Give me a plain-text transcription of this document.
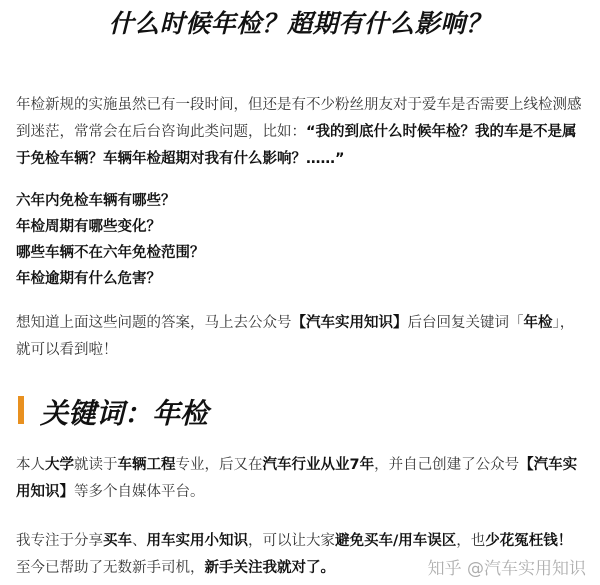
什么时候年检？超期有什么影响？

年检新规的实施虽然已有一段时间，但还是有不少粉丝朋友对于爱车是否需要上线检测感到迷茫，常常会在后台咨询此类问题，比如：“我的到底什么时候年检？我的车是不是属于免检车辆？车辆年检超期对我有什么影响？……”

六年内免检车辆有哪些？
年检周期有哪些变化？
哪些车辆不在六年免检范围？
年检逾期有什么危害？

想知道上面这些问题的答案，马上去公众号【汽车实用知识】后台回复关键词「年检」，就可以看到啦！

关键词：年检

本人大学就读于车辆工程专业，后又在汽车行业从业7年，并自己创建了公众号【汽车实用知识】等多个自媒体平台。

我专注于分享买车、用车实用小知识，可以让大家避免买车/用车误区，也少花冤枉钱！至今已帮助了无数新手司机，新手关注我就对了。	知乎 @汽车实用知识
